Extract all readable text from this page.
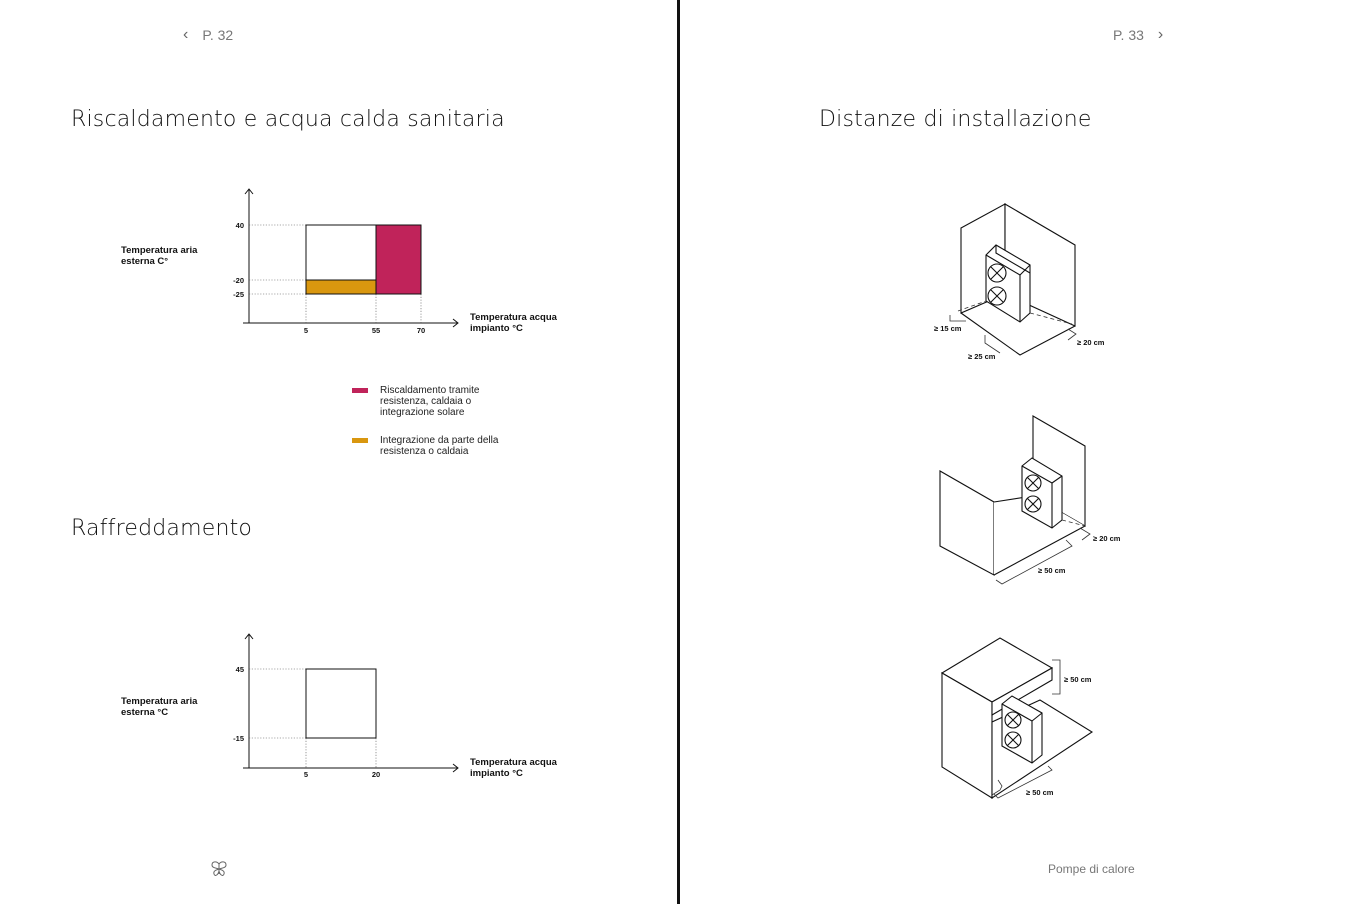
‹ P. 32
Riscaldamento e acqua calda sanitaria
Temperatura aria
esterna C°
40
-20
-25
5	55	70
Temperatura acqua
impianto °C
Riscaldamento tramite resistenza, caldaia o integrazione solare
Integrazione da parte della resistenza o caldaia
Raffreddamento
Temperatura aria
esterna °C
45
-15
5	20
Temperatura acqua
impianto °C
P. 33 ›
Distanze di installazione
≥ 15 cm
≥ 25 cm
≥ 20 cm
≥ 20 cm
≥ 50 cm
≥ 50 cm
≥ 50 cm
Pompe di calore
